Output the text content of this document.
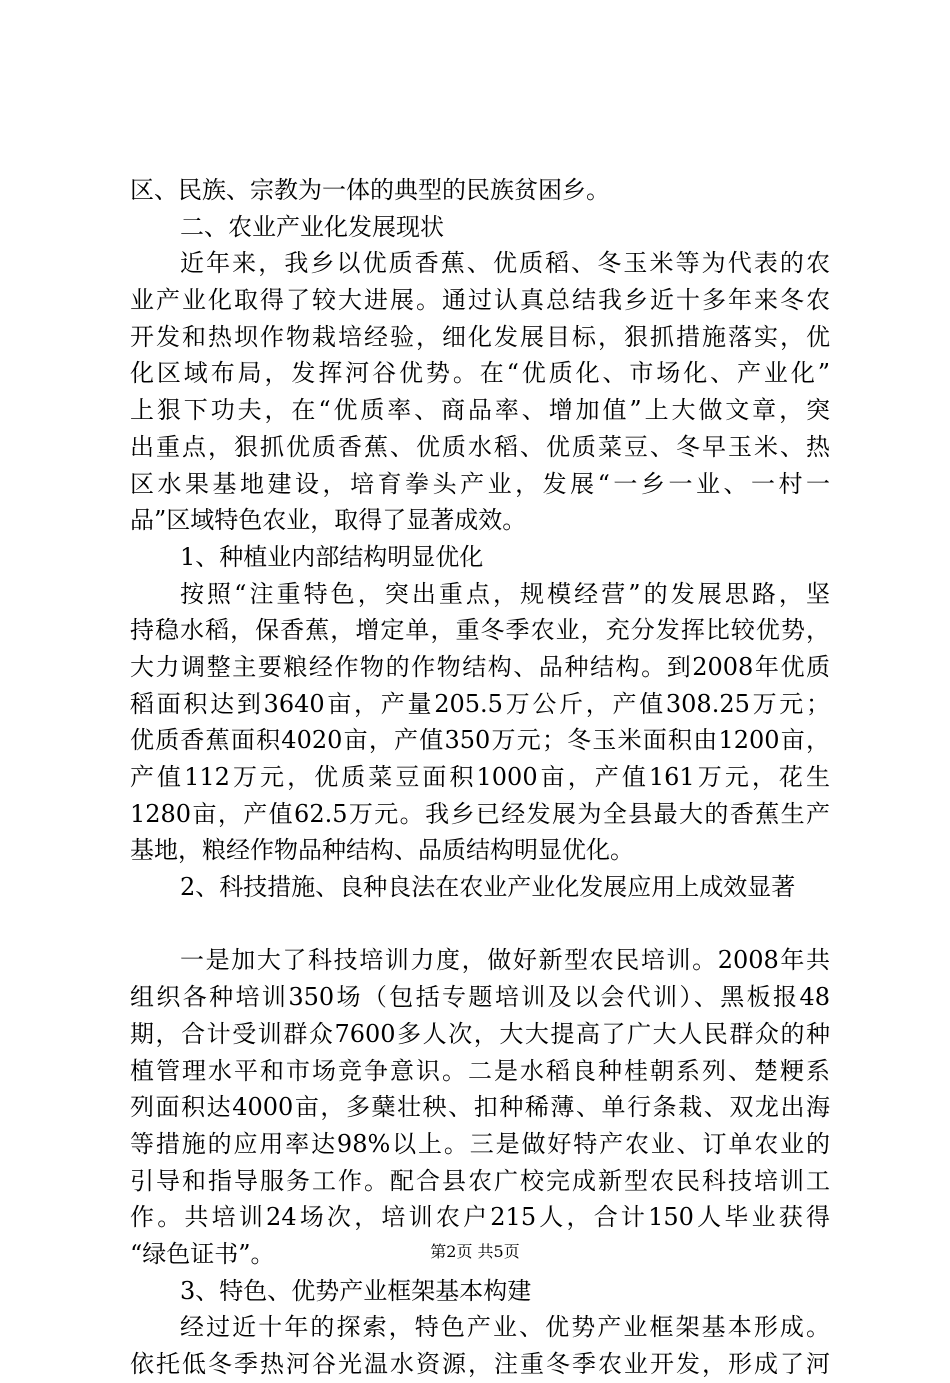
区、民族、宗教为一体的典型的民族贫困乡。
二、农业产业化发展现状
近年来，我乡以优质香蕉、优质稻、冬玉米等为代表的农
业产业化取得了较大进展。通过认真总结我乡近十多年来冬农
开发和热坝作物栽培经验，细化发展目标，狠抓措施落实，优
化区域布局，发挥河谷优势。在“优质化、市场化、产业化”
上狠下功夫，在“优质率、商品率、增加值”上大做文章，突
出重点，狠抓优质香蕉、优质水稻、优质菜豆、冬早玉米、热
区水果基地建设，培育拳头产业，发展“一乡一业、一村一
品”区域特色农业，取得了显著成效。
1、种植业内部结构明显优化
按照“注重特色，突出重点，规模经营”的发展思路，坚
持稳水稻，保香蕉，增定单，重冬季农业，充分发挥比较优势，
大力调整主要粮经作物的作物结构、品种结构。到2008年优质
稻面积达到3640亩，产量205.5万公斤，产值308.25万元；
优质香蕉面积4020亩，产值350万元；冬玉米面积由1200亩，
产值112万元，优质菜豆面积1000亩，产值161万元，花生
1280亩，产值62.5万元。我乡已经发展为全县最大的香蕉生产
基地，粮经作物品种结构、品质结构明显优化。
2、科技措施、良种良法在农业产业化发展应用上成效显著
一是加大了科技培训力度，做好新型农民培训。2008年共
组织各种培训350场（包括专题培训及以会代训）、黑板报48
期，合计受训群众7600多人次，大大提高了广大人民群众的种
植管理水平和市场竞争意识。二是水稻良种桂朝系列、楚粳系
列面积达4000亩，多蘖壮秧、扣种稀薄、单行条栽、双龙出海
等措施的应用率达98%以上。三是做好特产农业、订单农业的
引导和指导服务工作。配合县农广校完成新型农民科技培训工
作。共培训24场次，培训农户215人，合计150人毕业获得
“绿色证书”。
3、特色、优势产业框架基本构建
经过近十年的探索，特色产业、优势产业框架基本形成。
依托低冬季热河谷光温水资源，注重冬季农业开发，形成了河
第2页 共5页
